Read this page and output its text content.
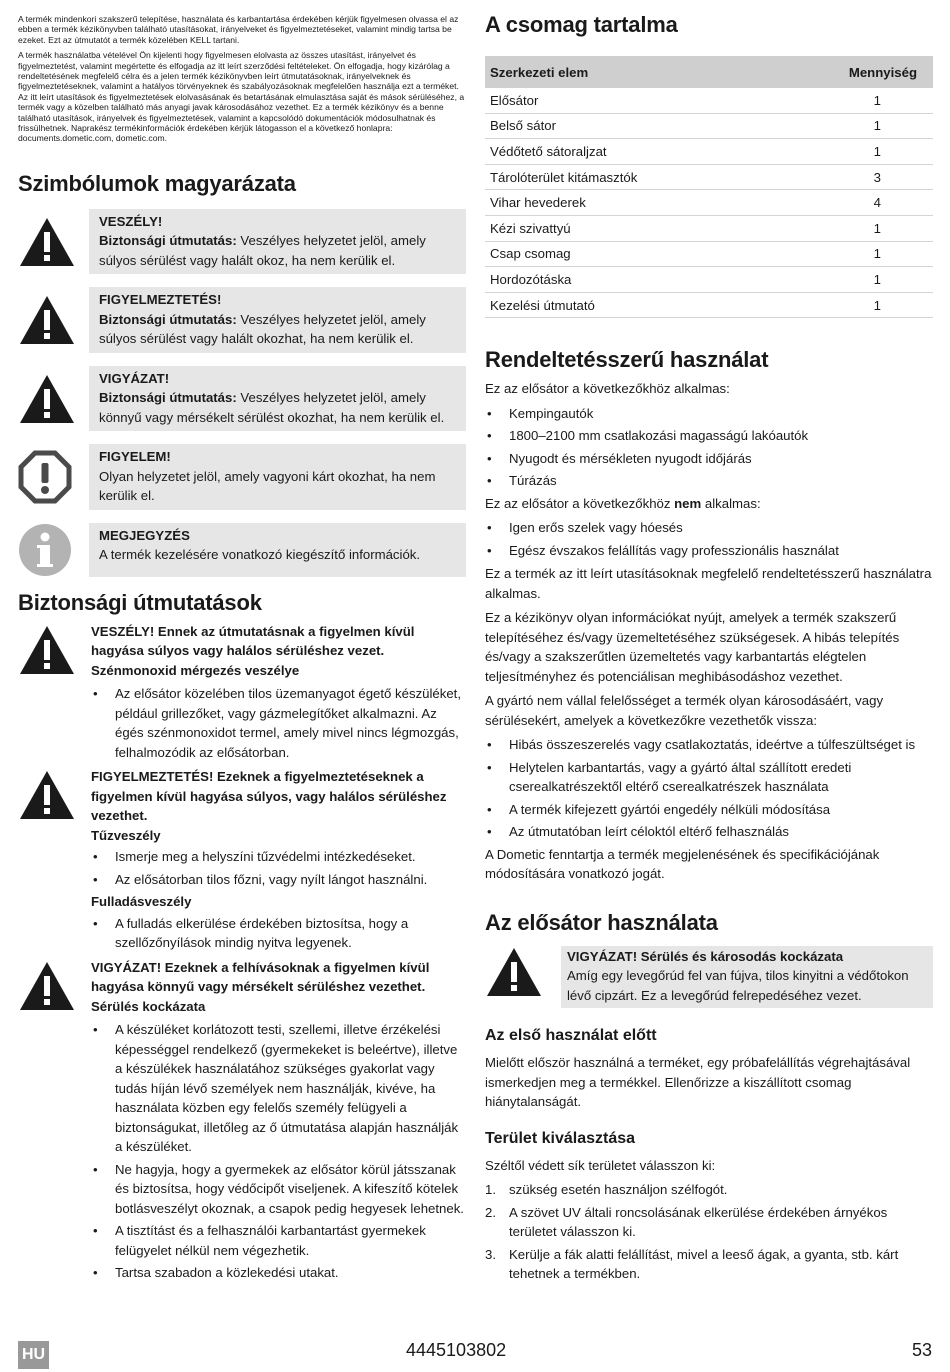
A termék mindenkori szakszerű telepítése, használata és karbantartása érdekében kérjük figyelmesen olvassa el az ebben a termék kézikönyvben található utasításokat, irányelveket és figyelmeztetéseket, valamint mindig tartsa be ezeket. Ezt az útmutatót a termék közelében KELL tartani.

A termék használatba vételével Ön kijelenti hogy figyelmesen elolvasta az összes utasítást, irányelvet és figyelmeztetést, valamint megértette és elfogadja az itt leírt szerződési feltételeket. Ön elfogadja, hogy kizárólag a rendeltetésének megfelelő célra és a jelen termék kézikönyvben leírt útmutatásoknak, irányelveknek és figyelmeztetéseknek, valamint a hatályos törvényeknek és szabályozásoknak megfelelően használja ezt a terméket. Az itt leírt utasítások és figyelmeztetések elolvasásának és betartásának elmulasztása saját és mások sérüléséhez, a termék vagy a közelben található más anyagi javak károsodásához vezethet. Ez a termék kézikönyv és a benne található utasítások, irányelvek és figyelmeztetések, valamint a kapcsolódó dokumentációk módosulhatnak és frissülhetnek. Naprakész termékinformációk érdekében kérjük látogasson el a következő honlapra: documents.dometic.com, dometic.com.

Szimbólumok magyarázata
VESZÉLY!
Biztonsági útmutatás: Veszélyes helyzetet jelöl, amely súlyos sérülést vagy halált okoz, ha nem kerülik el.
FIGYELMEZTETÉS!
Biztonsági útmutatás: Veszélyes helyzetet jelöl, amely súlyos sérülést vagy halált okozhat, ha nem kerülik el.
VIGYÁZAT!
Biztonsági útmutatás: Veszélyes helyzetet jelöl, amely könnyű vagy mérsékelt sérülést okozhat, ha nem kerülik el.
FIGYELEM!
Olyan helyzetet jelöl, amely vagyoni kárt okozhat, ha nem kerülik el.
MEGJEGYZÉS
A termék kezelésére vonatkozó kiegészítő információk.
Biztonsági útmutatások
VESZÉLY! Ennek az útmutatásnak a figyelmen kívül hagyása súlyos vagy halálos sérüléshez vezet.
Szénmonoxid mérgezés veszélye
• Az elősátor közelében tilos üzemanyagot égető készüléket, például grillezőket, vagy gázmelegítőket alkalmazni. Az égés szénmonoxidot termel, amely mivel nincs légmozgás, felhalmozódik az elősátorban.
FIGYELMEZTETÉS! Ezeknek a figyelmeztetéseknek a figyelmen kívül hagyása súlyos, vagy halálos sérüléshez vezethet.
Tűzveszély
• Ismerje meg a helyszíni tűzvédelmi intézkedéseket.
• Az elősátorban tilos főzni, vagy nyílt lángot használni.
Fulladásveszély
• A fulladás elkerülése érdekében biztosítsa, hogy a szellőzőnyílások mindig nyitva legyenek.
VIGYÁZAT! Ezeknek a felhívásoknak a figyelmen kívül hagyása könnyű vagy mérsékelt sérüléshez vezethet.
Sérülés kockázata
• A készüléket korlátozott testi, szellemi, illetve érzékelési képességgel rendelkező (gyermekeket is beleértve), illetve a készülékek használatához szükséges gyakorlat vagy tudás híján lévő személyek nem használják, kivéve, ha használata közben egy felelős személy felügyeli a biztonságukat, illetőleg az ő útmutatása alapján használják a készüléket.
• Ne hagyja, hogy a gyermekek az elősátor körül játsszanak és biztosítsa, hogy védőcipőt viseljenek. A kifeszítő kötelek botlásveszélyt okoznak, a csapok pedig hegyesek lehetnek.
• A tisztítást és a felhasználói karbantartást gyermekek felügyelet nélkül nem végezhetik.
• Tartsa szabadon a közlekedési utakat.
A csomag tartalma
Szerkezeti elem	Mennyiség
Elősátor	1
Belső sátor	1
Védőtető sátoraljzat	1
Tárolóterület kitámasztók	3
Vihar hevederek	4
Kézi szivattyú	1
Csap csomag	1
Hordozótáska	1
Kezelési útmutató	1
Rendeltetésszerű használat

Ez az elősátor a következőkhöz alkalmas:

• Kempingautók
• 1800–2100 mm csatlakozási magasságú lakóautók
• Nyugodt és mérsékleten nyugodt időjárás
• Túrázás

Ez az elősátor a következőkhöz nem alkalmas:

• Igen erős szelek vagy hóesés
• Egész évszakos felállítás vagy professzionális használat

Ez a termék az itt leírt utasításoknak megfelelő rendeltetésszerű használatra alkalmas.

Ez a kézikönyv olyan információkat nyújt, amelyek a termék szakszerű telepítéséhez és/vagy üzemeltetéséhez szükségesek. A hibás telepítés és/vagy a szakszerűtlen üzemeltetés vagy karbantartás elégtelen teljesítményhez és potenciálisan meghibásodáshoz vezethet.

A gyártó nem vállal felelősséget a termék olyan károsodásáért, vagy sérülésekért, amelyek a következőkre vezethetők vissza:

• Hibás összeszerelés vagy csatlakoztatás, ideértve a túlfeszültséget is
• Helytelen karbantartás, vagy a gyártó által szállított eredeti cserealkatrészektől eltérő cserealkatrészek használata
• A termék kifejezett gyártói engedély nélküli módosítása
• Az útmutatóban leírt céloktól eltérő felhasználás

A Dometic fenntartja a termék megjelenésének és specifikációjának módosítására vonatkozó jogát.

Az elősátor használata
VIGYÁZAT! Sérülés és károsodás kockázata
Amíg egy levegőrúd fel van fújva, tilos kinyitni a védőtokon lévő cipzárt. Ez a levegőrúd felrepedéséhez vezet.
Az első használat előtt

Mielőtt először használná a terméket, egy próbafelállítás végrehajtásával ismerkedjen meg a termékkel. Ellenőrizze a kiszállított csomag hiánytalanságát.

Terület kiválasztása

Széltől védett sík területet válasszon ki:

1. szükség esetén használjon szélfogót.
2. A szövet UV általi roncsolásának elkerülése érdekében árnyékos területet válasszon ki.
3. Kerülje a fák alatti felállítást, mivel a leeső ágak, a gyanta, stb. kárt tehetnek a termékben.
HU	4445103802	53
